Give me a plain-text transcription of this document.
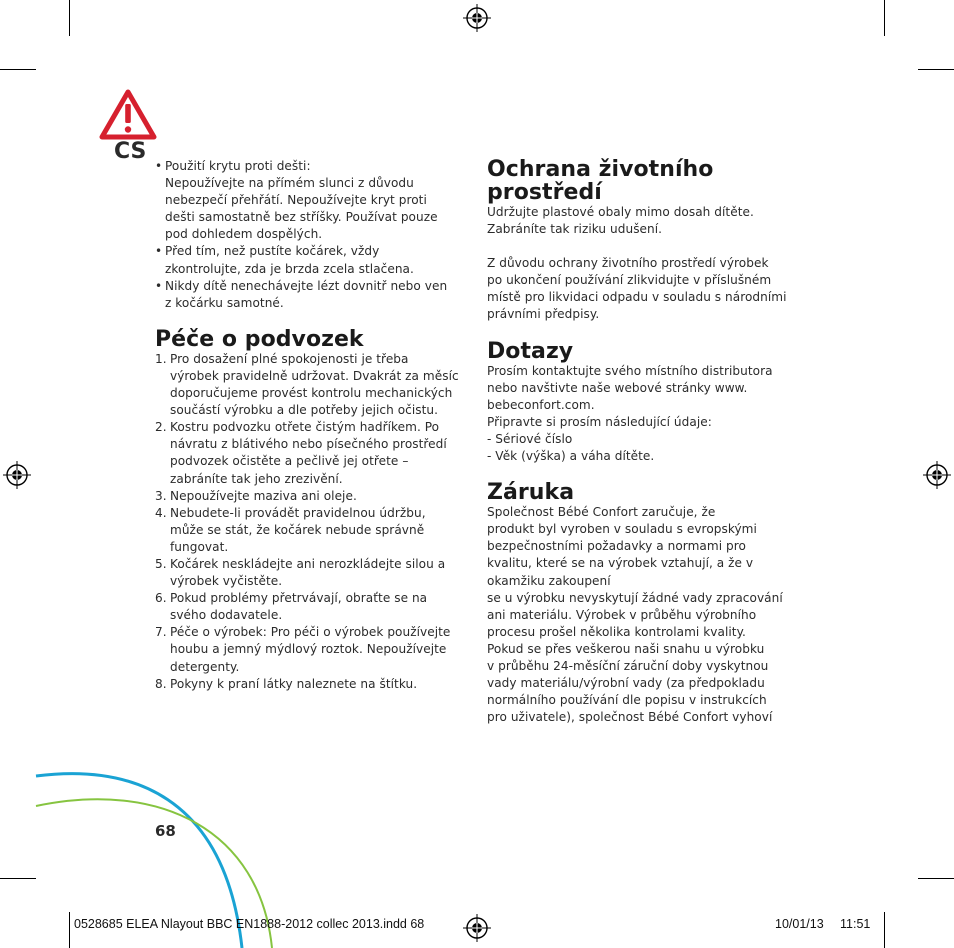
CS
• Použití krytu proti dešti:
Nepoužívejte na přímém slunci z důvodu
nebezpečí přehřátí. Nepoužívejte kryt proti
dešti samostatně bez stříšky. Používat pouze
pod dohledem dospělých.
• Před tím, než pustíte kočárek, vždy
zkontrolujte, zda je brzda zcela stlačena.
• Nikdy dítě nenechávejte lézt dovnitř nebo ven
z kočárku samotné.
Péče o podvozek
1. Pro dosažení plné spokojenosti je třeba
výrobek pravidelně udržovat. Dvakrát za měsíc
doporučujeme provést kontrolu mechanických
součástí výrobku a dle potřeby jejich očistu.
2. Kostru podvozku otřete čistým hadříkem. Po
návratu z blátivého nebo písečného prostředí
podvozek očistěte a pečlivě jej otřete –
zabráníte tak jeho zrezivění.
3. Nepoužívejte maziva ani oleje.
4. Nebudete-li provádět pravidelnou údržbu,
může se stát, že kočárek nebude správně
fungovat.
5. Kočárek neskládejte ani nerozkládejte silou a
výrobek vyčistěte.
6. Pokud problémy přetrvávají, obraťte se na
svého dodavatele.
7. Péče o výrobek: Pro péči o výrobek používejte
houbu a jemný mýdlový roztok. Nepoužívejte
detergenty.
8. Pokyny k praní látky naleznete na štítku.
Ochrana životního
prostředí
Udržujte plastové obaly mimo dosah dítěte.
Zabráníte tak riziku udušení.
Z důvodu ochrany životního prostředí výrobek
po ukončení používání zlikvidujte v příslušném
místě pro likvidaci odpadu v souladu s národními
právními předpisy.
Dotazy
Prosím kontaktujte svého místního distributora
nebo navštivte naše webové stránky www.
bebeconfort.com.
Připravte si prosím následující údaje:
- Sériové číslo
- Věk (výška) a váha dítěte.
Záruka
Společnost Bébé Confort zaručuje, že
produkt byl vyroben v souladu s evropskými
bezpečnostními požadavky a normami pro
kvalitu, které se na výrobek vztahují, a že v
okamžiku zakoupení
se u výrobku nevyskytují žádné vady zpracování
ani materiálu. Výrobek v průběhu výrobního
procesu prošel několika kontrolami kvality.
Pokud se přes veškerou naši snahu u výrobku
v průběhu 24-měsíční záruční doby vyskytnou
vady materiálu/výrobní vady (za předpokladu
normálního používání dle popisu v instrukcích
pro uživatele), společnost Bébé Confort vyhoví
68
0528685 ELEA Nlayout BBC EN1888-2012 collec 2013.indd 68	10/01/13 11:51
